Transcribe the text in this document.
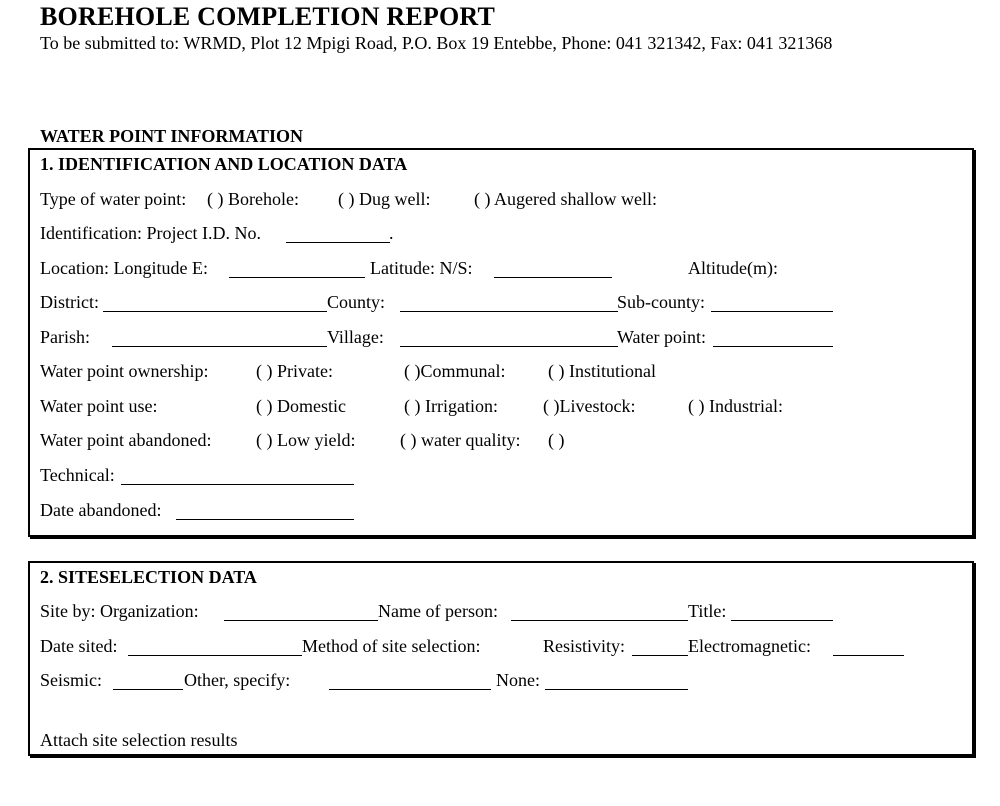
BOREHOLE COMPLETION REPORT
To be submitted to: WRMD, Plot 12 Mpigi Road, P.O. Box 19 Entebbe, Phone: 041 321342, Fax: 041 321368
WATER POINT INFORMATION
1. IDENTIFICATION AND LOCATION DATA
Type of water point: ( ) Borehole: ( ) Dug well: ( ) Augered shallow well:
Identification: Project I.D. No.	.
Location: Longitude E:	Latitude: N/S:	Altitude(m):
District:	County:	Sub-county:
Parish:	Village:	Water point:
Water point ownership:	( ) Private:	( )Communal: ( ) Institutional
Water point use:	( ) Domestic	( ) Irrigation:	( )Livestock:	( ) Industrial:
Water point abandoned: ( ) Low yield: ( ) water quality: ( )
Technical:
Date abandoned:
2. SITESELECTION DATA
Site by: Organization:	Name of person:	Title:
Date sited:	Method of site selection:	Resistivity:	Electromagnetic:
Seismic:	Other, specify:	None:
Attach site selection results
